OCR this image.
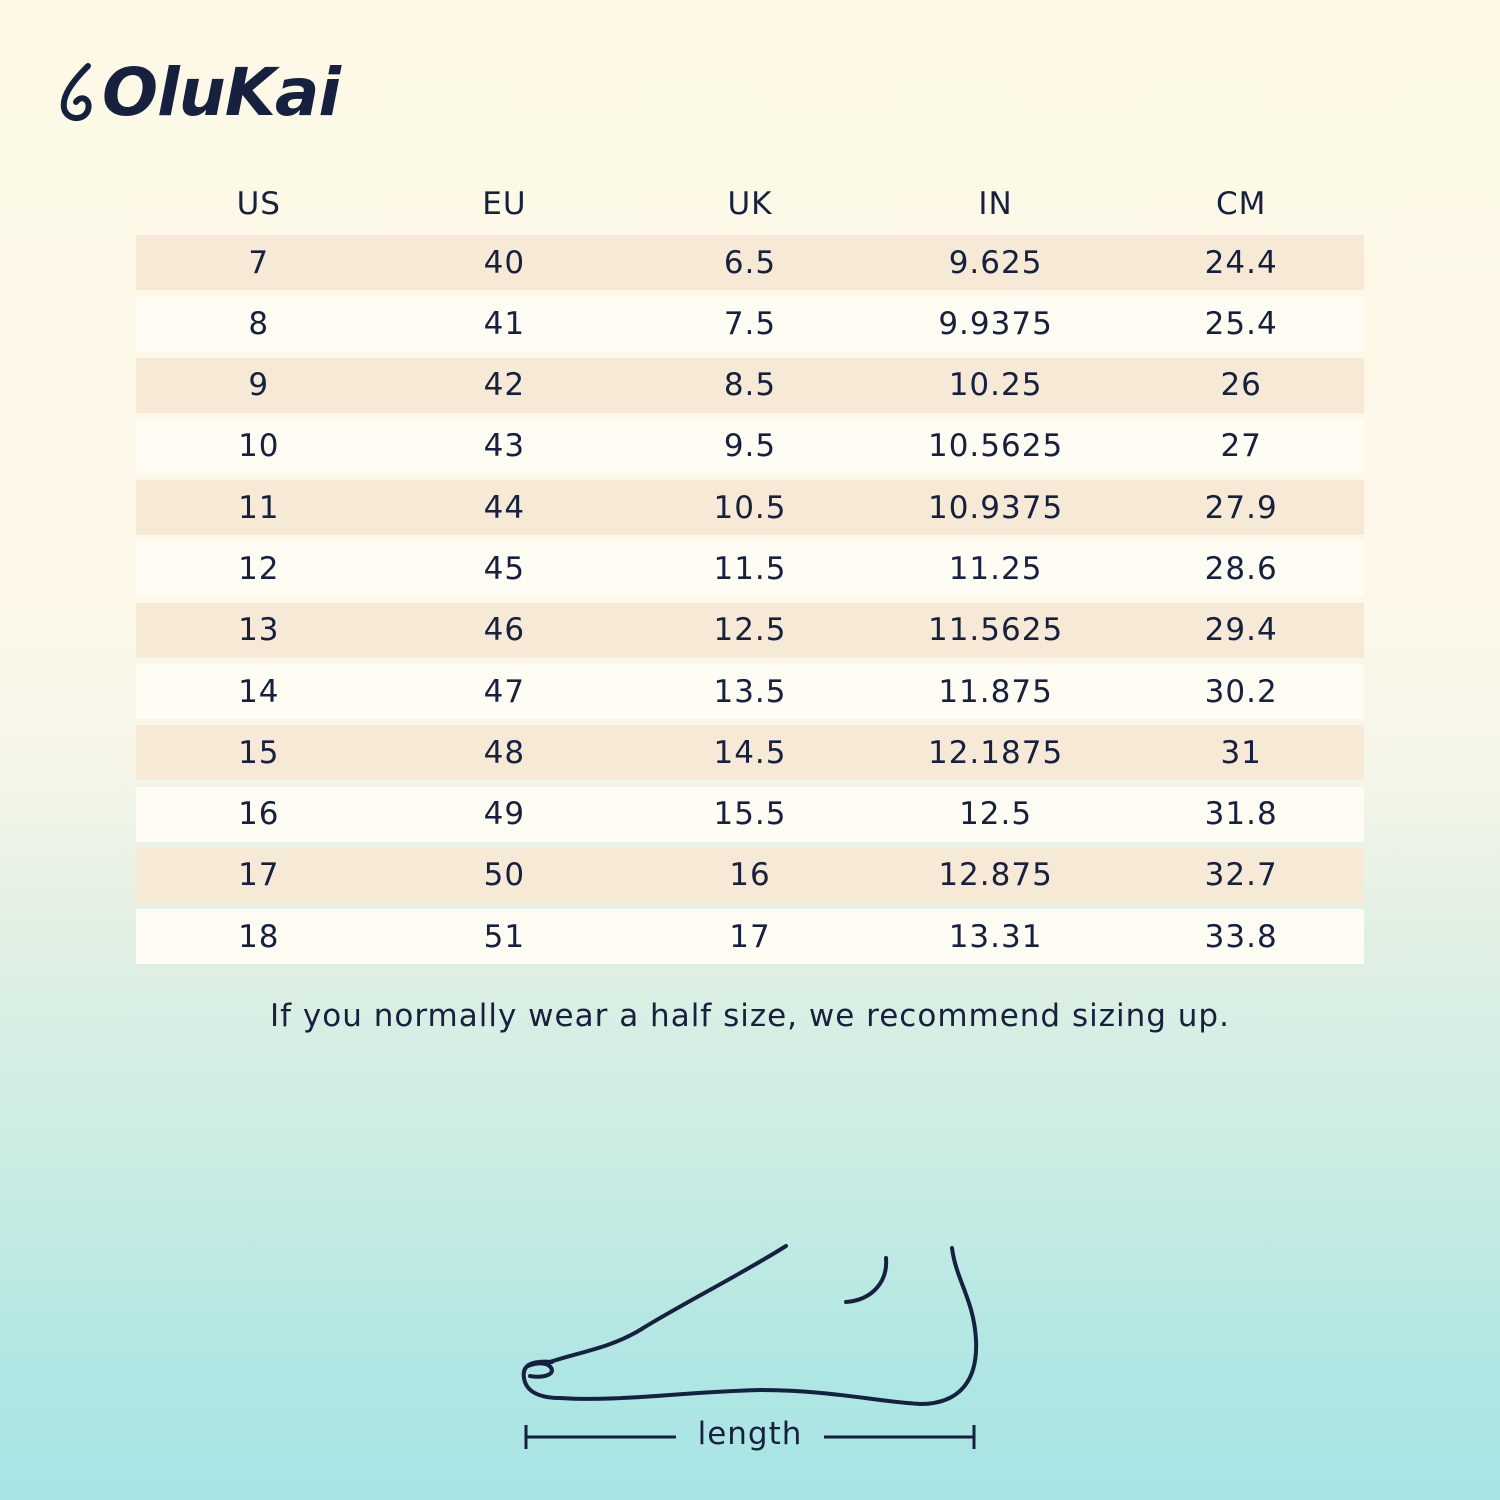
OluKai
US	EU	UK	IN	CM
7	40	6.5	9.625	24.4
8	41	7.5	9.9375	25.4
9	42	8.5	10.25	26
10	43	9.5	10.5625	27
11	44	10.5	10.9375	27.9
12	45	11.5	11.25	28.6
13	46	12.5	11.5625	29.4
14	47	13.5	11.875	30.2
15	48	14.5	12.1875	31
16	49	15.5	12.5	31.8
17	50	16	12.875	32.7
18	51	17	13.31	33.8
If you normally wear a half size, we recommend sizing up.
length
